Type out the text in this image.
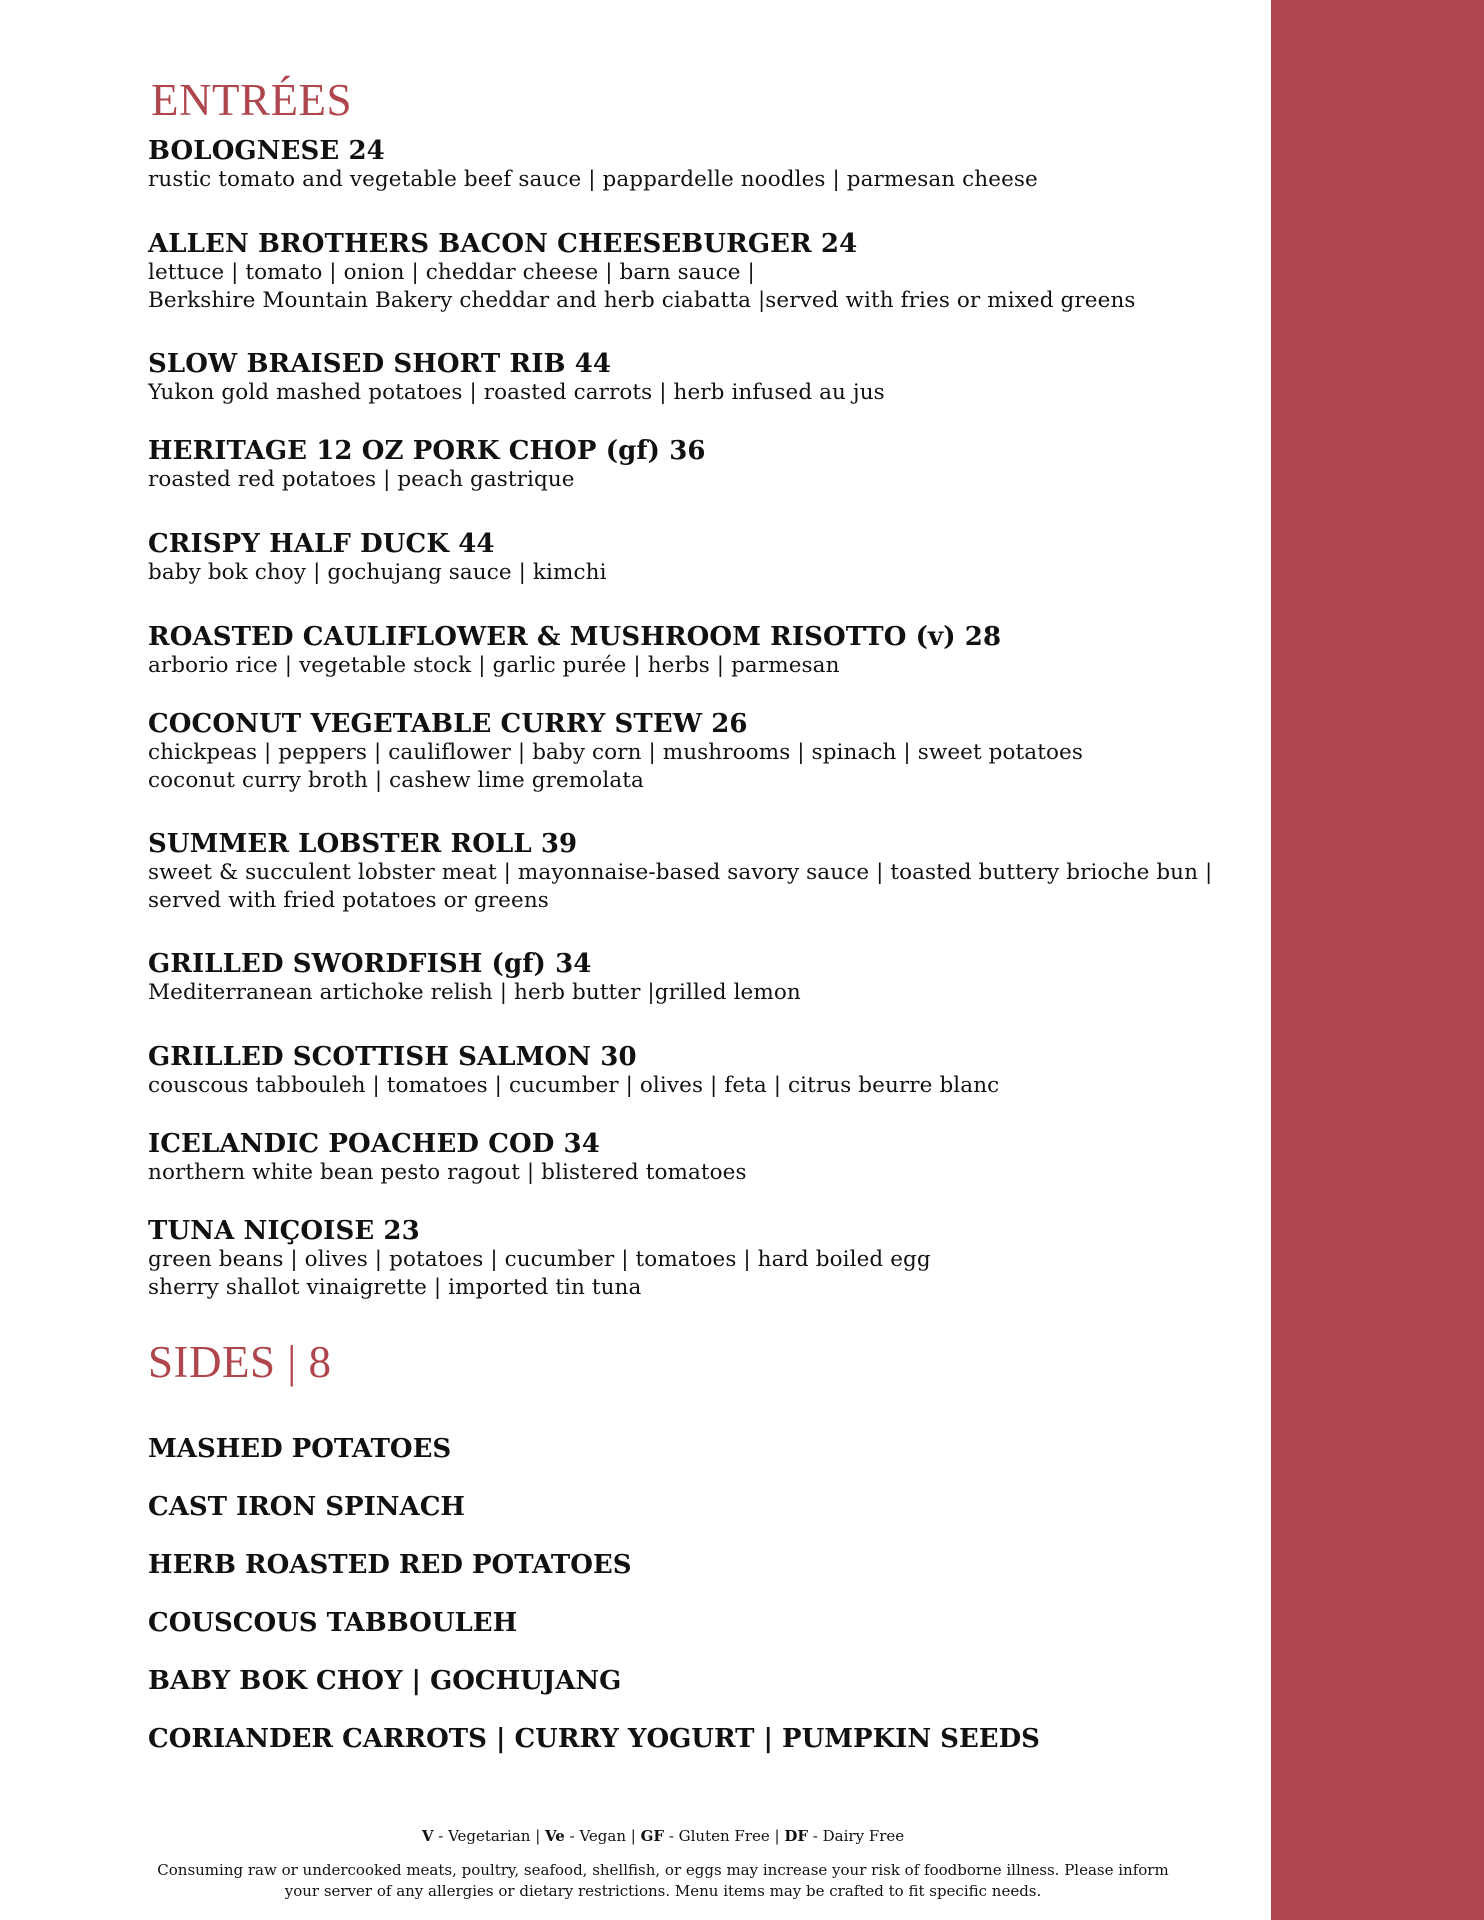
ENTRÉES
BOLOGNESE 24
rustic tomato and vegetable beef sauce | pappardelle noodles | parmesan cheese
ALLEN BROTHERS BACON CHEESEBURGER 24
lettuce | tomato | onion | cheddar cheese | barn sauce |
Berkshire Mountain Bakery cheddar and herb ciabatta |served with fries or mixed greens
SLOW BRAISED SHORT RIB 44
Yukon gold mashed potatoes | roasted carrots | herb infused au jus
HERITAGE 12 OZ PORK CHOP (gf) 36
roasted red potatoes | peach gastrique
CRISPY HALF DUCK 44
baby bok choy | gochujang sauce | kimchi
ROASTED CAULIFLOWER & MUSHROOM RISOTTO (v) 28
arborio rice | vegetable stock | garlic purée | herbs | parmesan
COCONUT VEGETABLE CURRY STEW 26
chickpeas | peppers | cauliflower | baby corn | mushrooms | spinach | sweet potatoes
coconut curry broth | cashew lime gremolata
SUMMER LOBSTER ROLL 39
sweet & succulent lobster meat | mayonnaise-based savory sauce | toasted buttery brioche bun |
served with fried potatoes or greens
GRILLED SWORDFISH (gf) 34
Mediterranean artichoke relish | herb butter |grilled lemon
GRILLED SCOTTISH SALMON 30
couscous tabbouleh | tomatoes | cucumber | olives | feta | citrus beurre blanc
ICELANDIC POACHED COD 34
northern white bean pesto ragout | blistered tomatoes
TUNA NIÇOISE 23
green beans | olives | potatoes | cucumber | tomatoes | hard boiled egg
sherry shallot vinaigrette | imported tin tuna
SIDES | 8
MASHED POTATOES
CAST IRON SPINACH
HERB ROASTED RED POTATOES
COUSCOUS TABBOULEH
BABY BOK CHOY | GOCHUJANG
CORIANDER CARROTS | CURRY YOGURT | PUMPKIN SEEDS
V - Vegetarian | Ve - Vegan | GF - Gluten Free | DF - Dairy Free
Consuming raw or undercooked meats, poultry, seafood, shellfish, or eggs may increase your risk of foodborne illness. Please inform
your server of any allergies or dietary restrictions. Menu items may be crafted to fit specific needs.
